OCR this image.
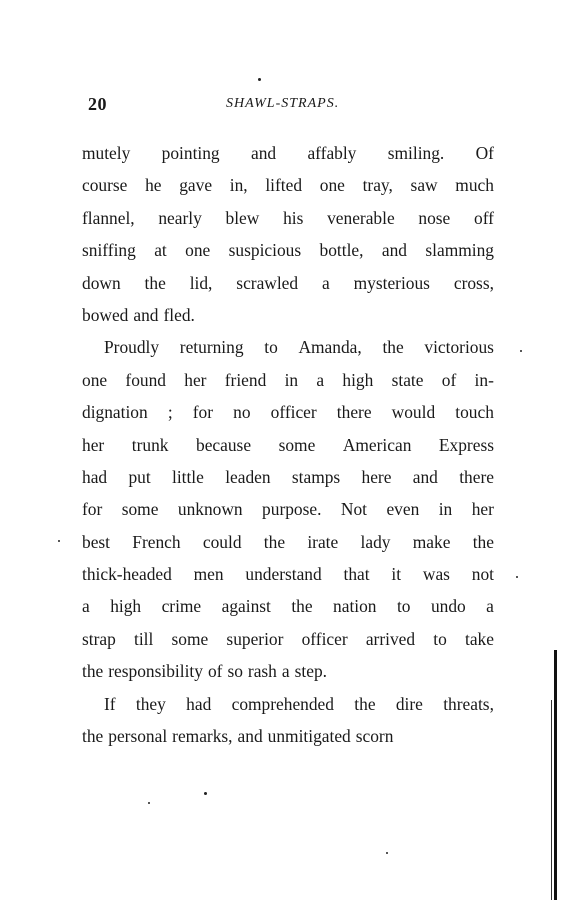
20	SHAWL-STRAPS.
mutely pointing and affably smiling. Of
course he gave in, lifted one tray, saw much
flannel, nearly blew his venerable nose off
sniffing at one suspicious bottle, and slamming
down the lid, scrawled a mysterious cross,
bowed and fled.
Proudly returning to Amanda, the victorious
one found her friend in a high state of in-
dignation ; for no officer there would touch
her trunk because some American Express
had put little leaden stamps here and there
for some unknown purpose. Not even in her
best French could the irate lady make the
thick-headed men understand that it was not
a high crime against the nation to undo a
strap till some superior officer arrived to take
the responsibility of so rash a step.
If they had comprehended the dire threats,
the personal remarks, and unmitigated scorn
